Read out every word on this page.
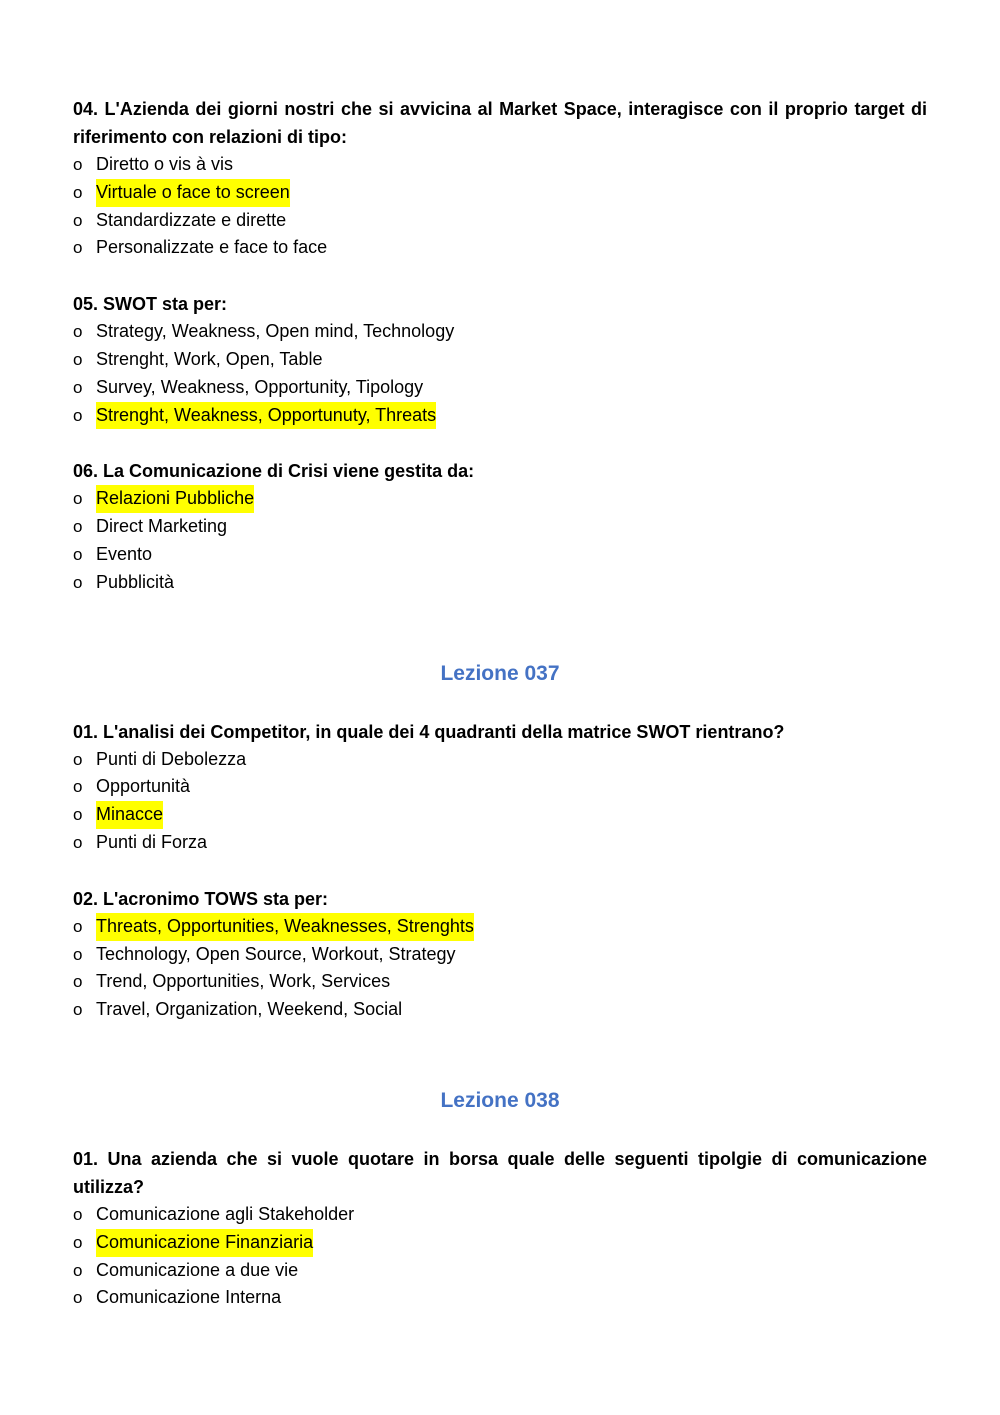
04. L'Azienda dei giorni nostri che si avvicina al Market Space, interagisce con il proprio target di riferimento con relazioni di tipo:

o Diretto o vis à vis
o Virtuale o face to screen
o Standardizzate e dirette
o Personalizzate e face to face

05. SWOT sta per:

o Strategy, Weakness, Open mind, Technology
o Strenght, Work, Open, Table
o Survey, Weakness, Opportunity, Tipology
o Strenght, Weakness, Opportunuty, Threats

06. La Comunicazione di Crisi viene gestita da:

o Relazioni Pubbliche
o Direct Marketing
o Evento
o Pubblicità
Lezione 037

01. L'analisi dei Competitor, in quale dei 4 quadranti della matrice SWOT rientrano?

o Punti di Debolezza
o Opportunità
o Minacce
o Punti di Forza

02. L'acronimo TOWS sta per:

o Threats, Opportunities, Weaknesses, Strenghts
o Technology, Open Source, Workout, Strategy
o Trend, Opportunities, Work, Services
o Travel, Organization, Weekend, Social
Lezione 038

01. Una azienda che si vuole quotare in borsa quale delle seguenti tipolgie di comunicazione utilizza?

o Comunicazione agli Stakeholder
o Comunicazione Finanziaria
o Comunicazione a due vie
o Comunicazione Interna
